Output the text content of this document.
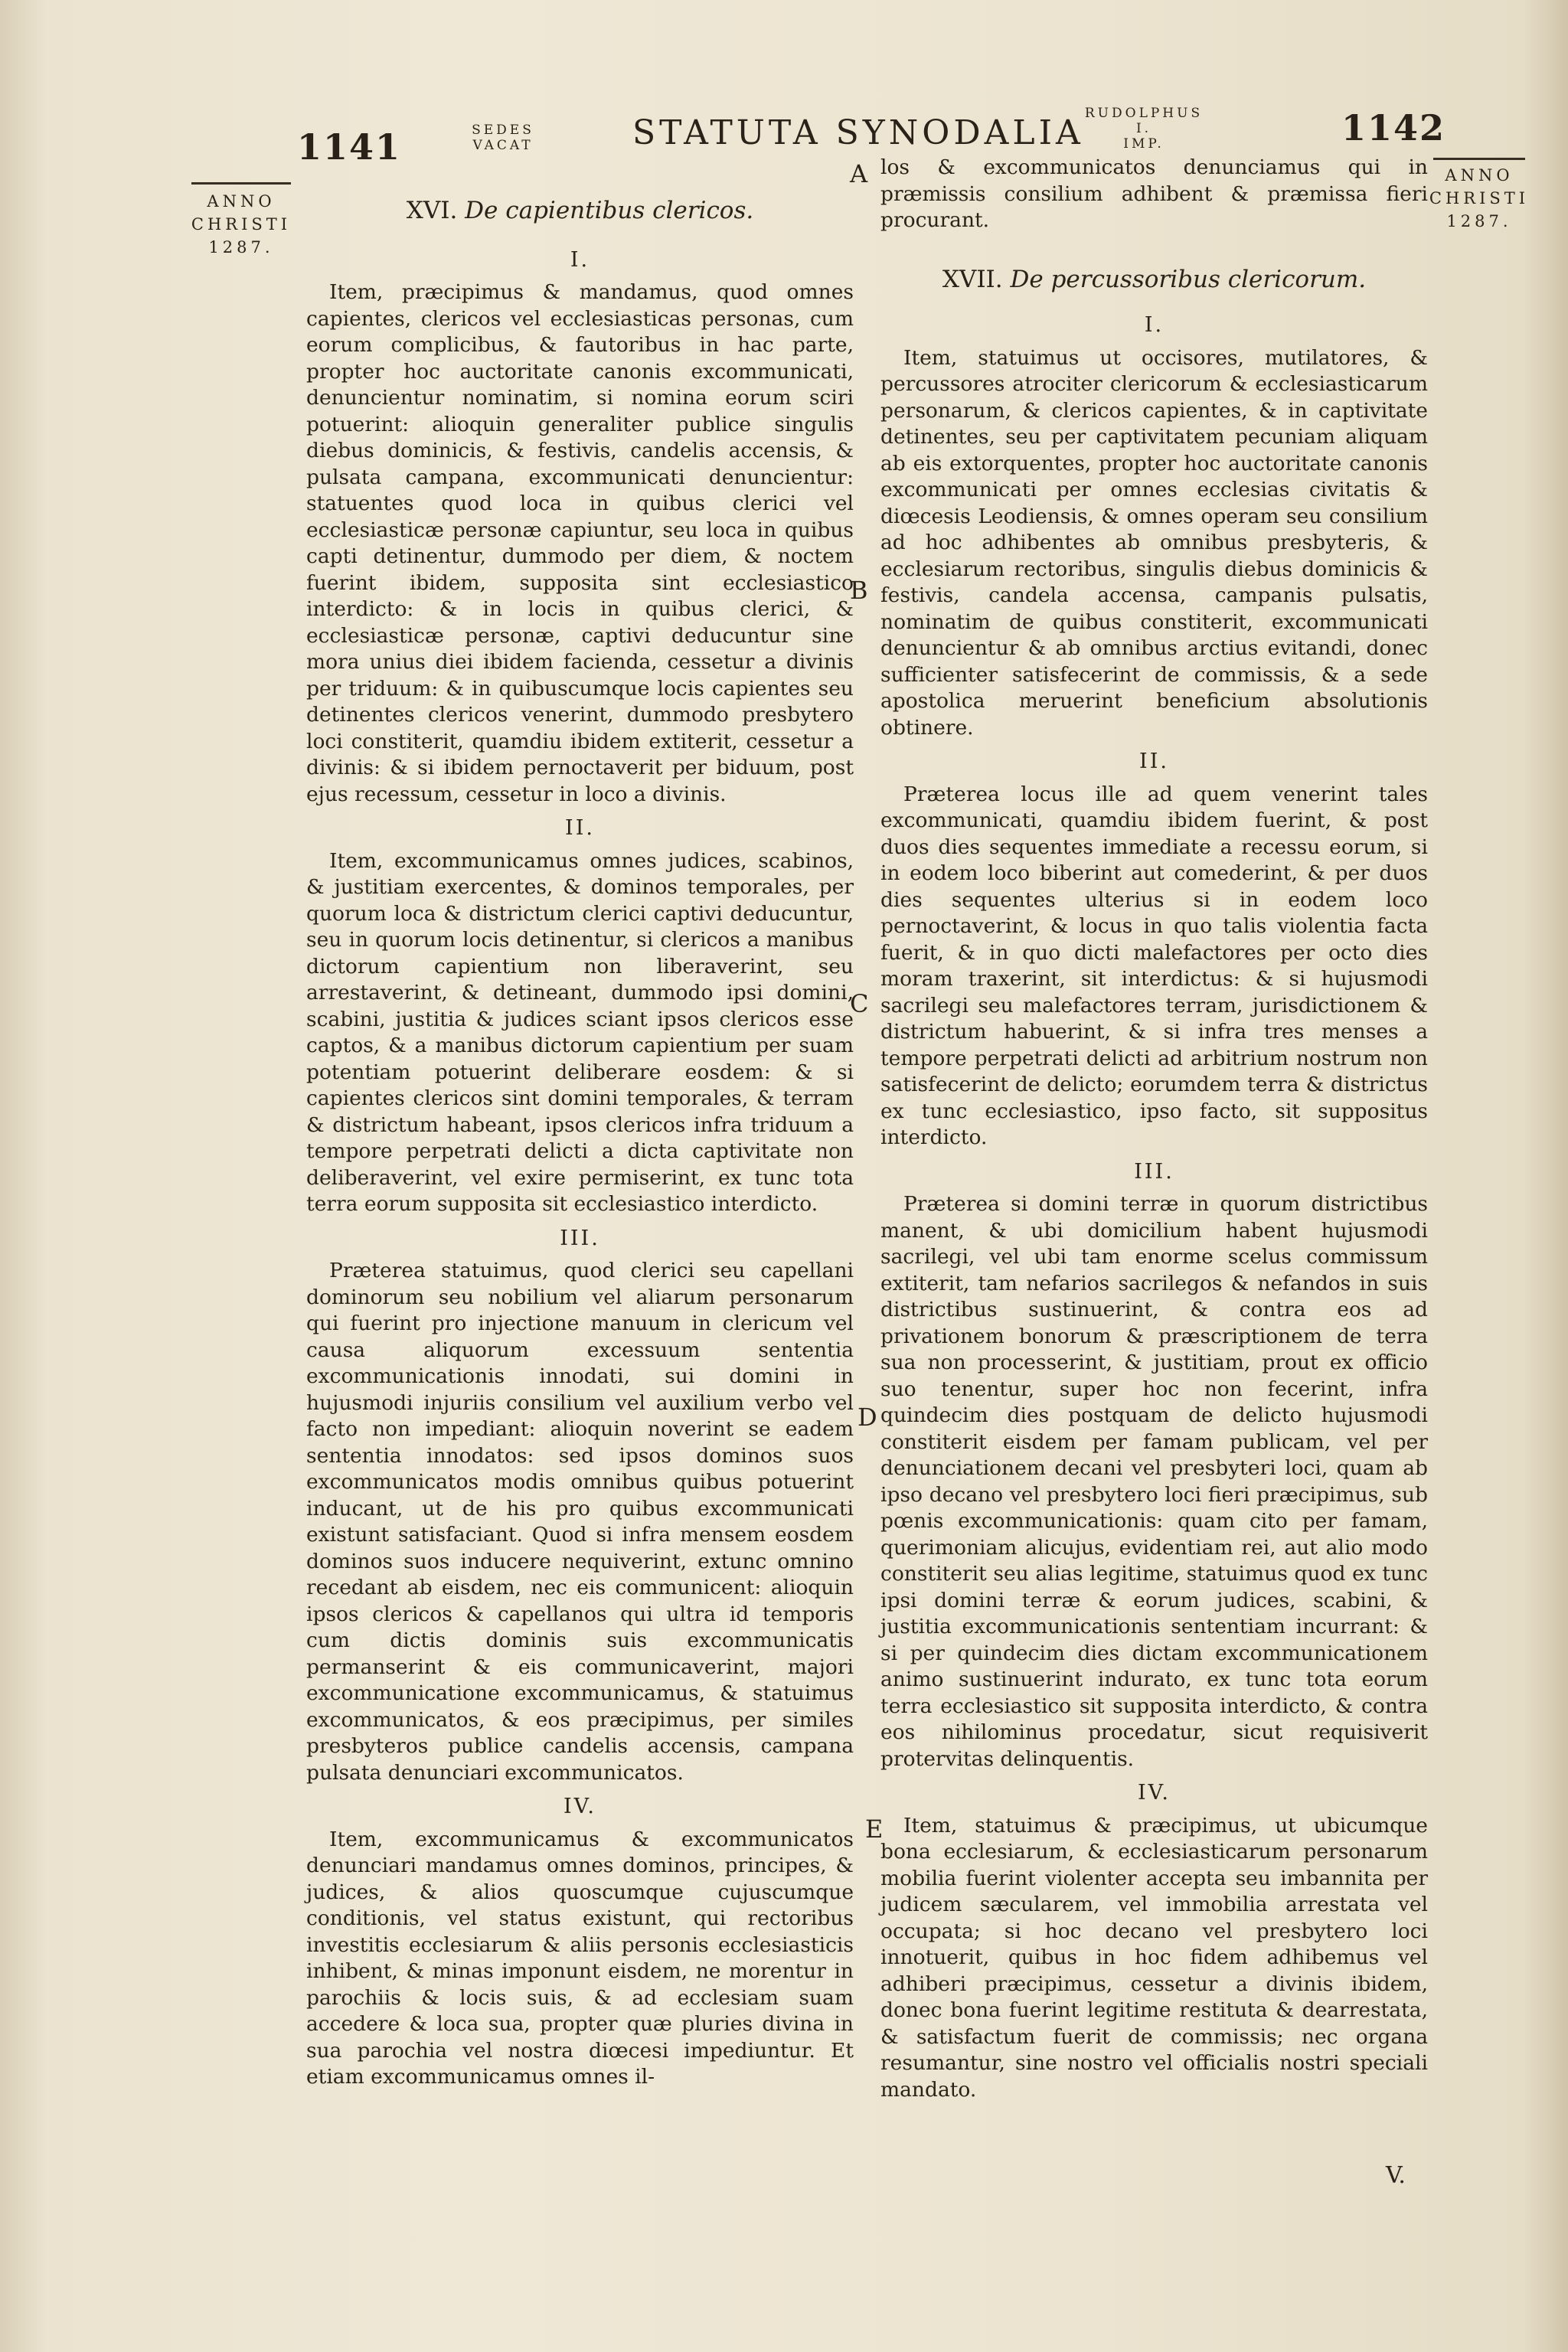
1141	SEDES
VACAT	STATUTA SYNODALIA RUDOLPHUS I.
IMP.	1142
ANNO
CHRISTI
1287.
ANNO
CHRISTI
1287.
A
B
C
D
E
XVI. De capientibus clericos.
I.

Item, præcipimus & mandamus, quod omnes capientes, clericos vel ecclesiasticas personas, cum eorum complicibus, & fautoribus in hac parte, propter hoc auctoritate canonis excommunicati, denuncientur nominatim, si nomina eorum sciri potuerint: alioquin generaliter publice singulis diebus dominicis, & festivis, candelis accensis, & pulsata campana, excommunicati denuncientur: statuentes quod loca in quibus clerici vel ecclesiasticæ personæ capiuntur, seu loca in quibus capti detinentur, dummodo per diem, & noctem fuerint ibidem, supposita sint ecclesiastico interdicto: & in locis in quibus clerici, & ecclesiasticæ personæ, captivi deducuntur sine mora unius diei ibidem facienda, cessetur a divinis per triduum: & in quibuscumque locis capientes seu detinentes clericos venerint, dummodo presbytero loci constiterit, quamdiu ibidem extiterit, cessetur a divinis: & si ibidem pernoctaverit per biduum, post ejus recessum, cessetur in loco a divinis.

II.

Item, excommunicamus omnes judices, scabinos, & justitiam exercentes, & dominos temporales, per quorum loca & districtum clerici captivi deducuntur, seu in quorum locis detinentur, si clericos a manibus dictorum capientium non liberaverint, seu arrestaverint, & detineant, dummodo ipsi domini, scabini, justitia & judices sciant ipsos clericos esse captos, & a manibus dictorum capientium per suam potentiam potuerint deliberare eosdem: & si capientes clericos sint domini temporales, & terram & districtum habeant, ipsos clericos infra triduum a tempore perpetrati delicti a dicta captivitate non deliberaverint, vel exire permiserint, ex tunc tota terra eorum supposita sit ecclesiastico interdicto.

III.

Præterea statuimus, quod clerici seu capellani dominorum seu nobilium vel aliarum personarum qui fuerint pro injectione manuum in clericum vel causa aliquorum excessuum sententia excommunicationis innodati, sui domini in hujusmodi injuriis consilium vel auxilium verbo vel facto non impediant: alioquin noverint se eadem sententia innodatos: sed ipsos dominos suos excommunicatos modis omnibus quibus potuerint inducant, ut de his pro quibus excommunicati existunt satisfaciant. Quod si infra mensem eosdem dominos suos inducere nequiverint, extunc omnino recedant ab eisdem, nec eis communicent: alioquin ipsos clericos & capellanos qui ultra id temporis cum dictis dominis suis excommunicatis permanserint & eis communicaverint, majori excommunicatione excommunicamus, & statuimus excommunicatos, & eos præcipimus, per similes presbyteros publice candelis accensis, campana pulsata denunciari excommunicatos.

IV.

Item, excommunicamus & excommunicatos denunciari mandamus omnes dominos, principes, & judices, & alios quoscumque cujuscumque conditionis, vel status existunt, qui rectoribus investitis ecclesiarum & aliis personis ecclesiasticis inhibent, & minas imponunt eisdem, ne morentur in parochiis & locis suis, & ad ecclesiam suam accedere & loca sua, propter quæ pluries divina in sua parochia vel nostra diœcesi impediuntur. Et etiam excommunicamus omnes il-

los & excommunicatos denunciamus qui in præmissis consilium adhibent & præmissa fieri procurant.

XVII. De percussoribus clericorum.
I.

Item, statuimus ut occisores, mutilatores, & percussores atrociter clericorum & ecclesiasticarum personarum, & clericos capientes, & in captivitate detinentes, seu per captivitatem pecuniam aliquam ab eis extorquentes, propter hoc auctoritate canonis excommunicati per omnes ecclesias civitatis & diœcesis Leodiensis, & omnes operam seu consilium ad hoc adhibentes ab omnibus presbyteris, & ecclesiarum rectoribus, singulis diebus dominicis & festivis, candela accensa, campanis pulsatis, nominatim de quibus constiterit, excommunicati denuncientur & ab omnibus arctius evitandi, donec sufficienter satisfecerint de commissis, & a sede apostolica meruerint beneficium absolutionis obtinere.

II.

Præterea locus ille ad quem venerint tales excommunicati, quamdiu ibidem fuerint, & post duos dies sequentes immediate a recessu eorum, si in eodem loco biberint aut comederint, & per duos dies sequentes ulterius si in eodem loco pernoctaverint, & locus in quo talis violentia facta fuerit, & in quo dicti malefactores per octo dies moram traxerint, sit interdictus: & si hujusmodi sacrilegi seu malefactores terram, jurisdictionem & districtum habuerint, & si infra tres menses a tempore perpetrati delicti ad arbitrium nostrum non satisfecerint de delicto; eorumdem terra & districtus ex tunc ecclesiastico, ipso facto, sit suppositus interdicto.

III.

Præterea si domini terræ in quorum districtibus manent, & ubi domicilium habent hujusmodi sacrilegi, vel ubi tam enorme scelus commissum extiterit, tam nefarios sacrilegos & nefandos in suis districtibus sustinuerint, & contra eos ad privationem bonorum & præscriptionem de terra sua non processerint, & justitiam, prout ex officio suo tenentur, super hoc non fecerint, infra quindecim dies postquam de delicto hujusmodi constiterit eisdem per famam publicam, vel per denunciationem decani vel presbyteri loci, quam ab ipso decano vel presbytero loci fieri præcipimus, sub pœnis excommunicationis: quam cito per famam, querimoniam alicujus, evidentiam rei, aut alio modo constiterit seu alias legitime, statuimus quod ex tunc ipsi domini terræ & eorum judices, scabini, & justitia excommunicationis sententiam incurrant: & si per quindecim dies dictam excommunicationem animo sustinuerint indurato, ex tunc tota eorum terra ecclesiastico sit supposita interdicto, & contra eos nihilominus procedatur, sicut requisiverit protervitas delinquentis.

IV.

Item, statuimus & præcipimus, ut ubicumque bona ecclesiarum, & ecclesiasticarum personarum mobilia fuerint violenter accepta seu imbannita per judicem sæcularem, vel immobilia arrestata vel occupata; si hoc decano vel presbytero loci innotuerit, quibus in hoc fidem adhibemus vel adhiberi præcipimus, cessetur a divinis ibidem, donec bona fuerint legitime restituta & dearrestata, & satisfactum fuerit de commissis; nec organa resumantur, sine nostro vel officialis nostri speciali mandato.

V.
